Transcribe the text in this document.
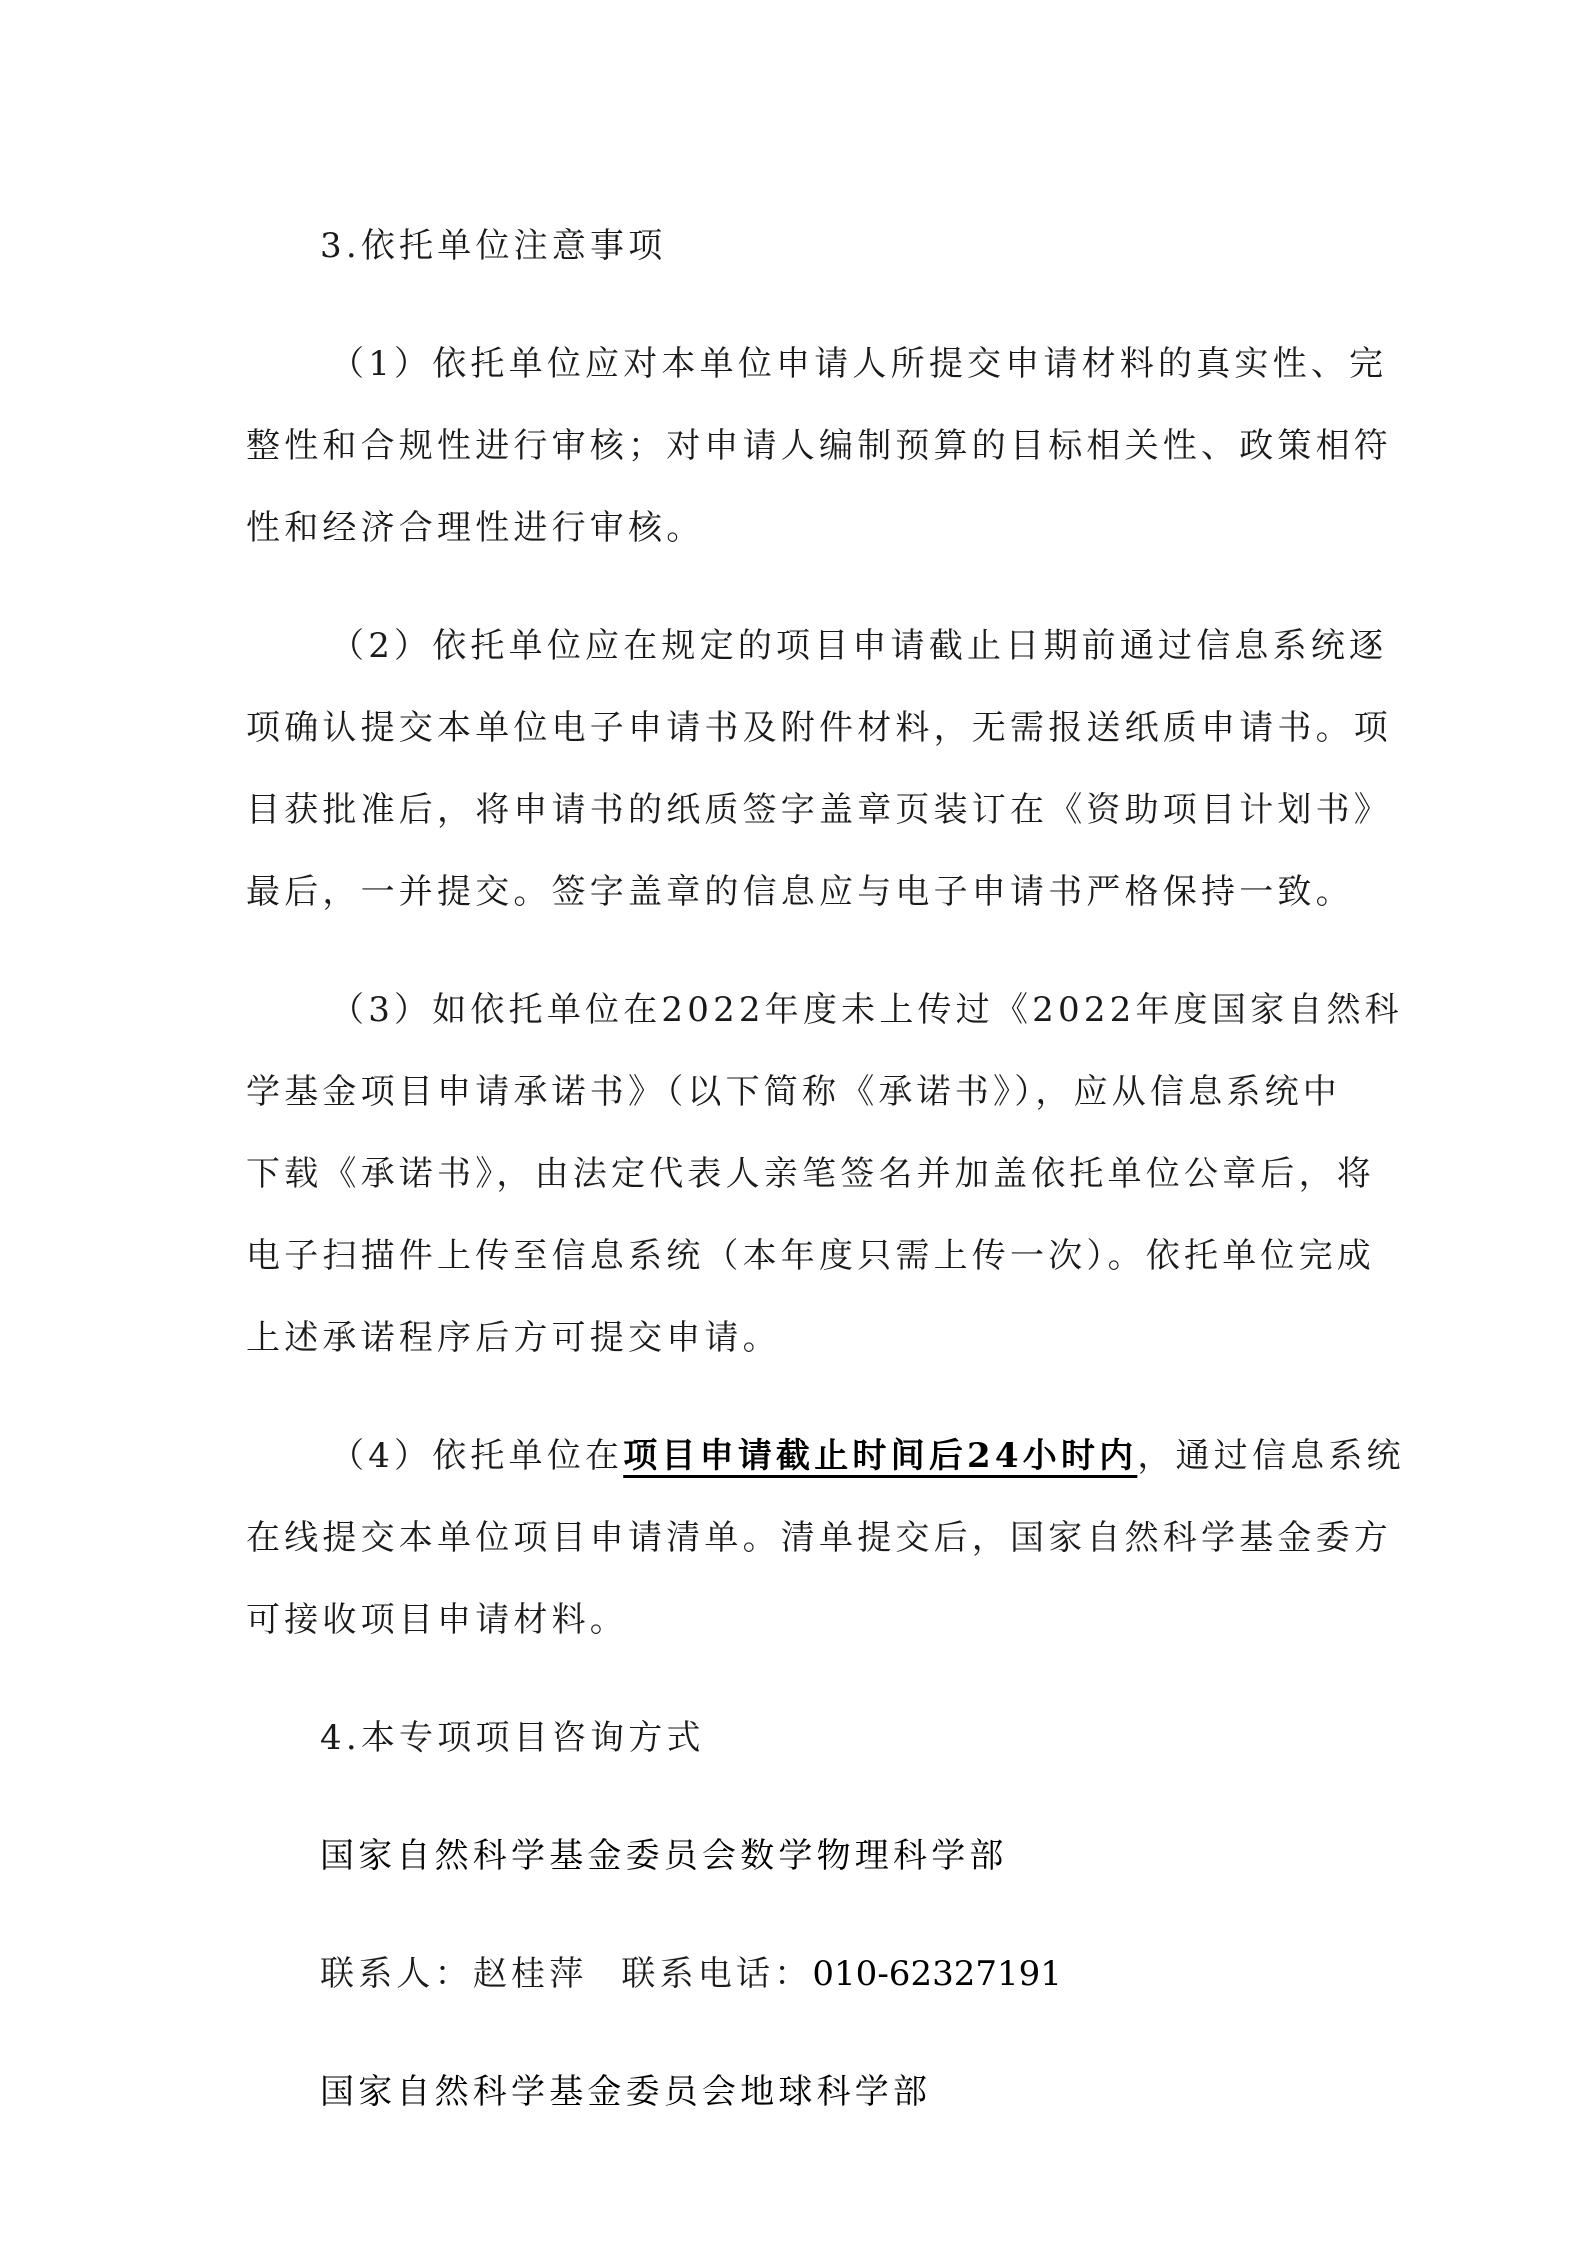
3.依托单位注意事项
（1）依托单位应对本单位申请人所提交申请材料的真实性、完
整性和合规性进行审核；对申请人编制预算的目标相关性、政策相符
性和经济合理性进行审核。
（2）依托单位应在规定的项目申请截止日期前通过信息系统逐
项确认提交本单位电子申请书及附件材料，无需报送纸质申请书。项
目获批准后，将申请书的纸质签字盖章页装订在《资助项目计划书》
最后，一并提交。签字盖章的信息应与电子申请书严格保持一致。
（3）如依托单位在2022年度未上传过《2022年度国家自然科
学基金项目申请承诺书》（以下简称《承诺书》），应从信息系统中
下载《承诺书》，由法定代表人亲笔签名并加盖依托单位公章后，将
电子扫描件上传至信息系统（本年度只需上传一次）。依托单位完成
上述承诺程序后方可提交申请。
（4）依托单位在项目申请截止时间后24小时内，通过信息系统
在线提交本单位项目申请清单。清单提交后，国家自然科学基金委方
可接收项目申请材料。
4.本专项项目咨询方式
国家自然科学基金委员会数学物理科学部
联系人：赵桂萍 联系电话：010-62327191
国家自然科学基金委员会地球科学部
